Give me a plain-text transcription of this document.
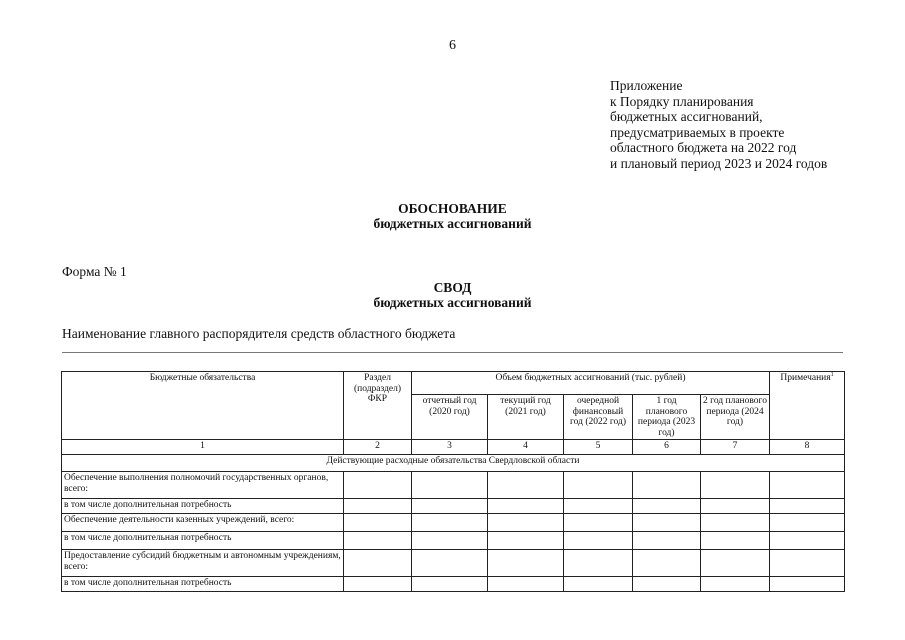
6
Приложение
к Порядку планирования
бюджетных ассигнований,
предусматриваемых в проекте
областного бюджета на 2022 год
и плановый период 2023 и 2024 годов
ОБОСНОВАНИЕ
бюджетных ассигнований
Форма № 1
СВОД
бюджетных ассигнований
Наименование главного распорядителя средств областного бюджета
Бюджетные обязательства	Раздел (подраздел) ФКР	Объем бюджетных ассигнований (тыс. рублей)					Примечания$^1$
		отчетный год (2020 год)	текущий год (2021 год)	очередной финансовый год (2022 год)	1 год планового периода (2023 год)	2 год планового периода (2024 год)	
1	2	3	4	5	6	7	8
Действующие расходные обязательства Свердловской области							
Обеспечение выполнения полномочий государственных органов, всего:							
в том числе дополнительная потребность							
Обеспечение деятельности казенных учреждений, всего:							
в том числе дополнительная потребность							
Предоставление субсидий бюджетным и автономным учреждениям, всего:							
в том числе дополнительная потребность							
